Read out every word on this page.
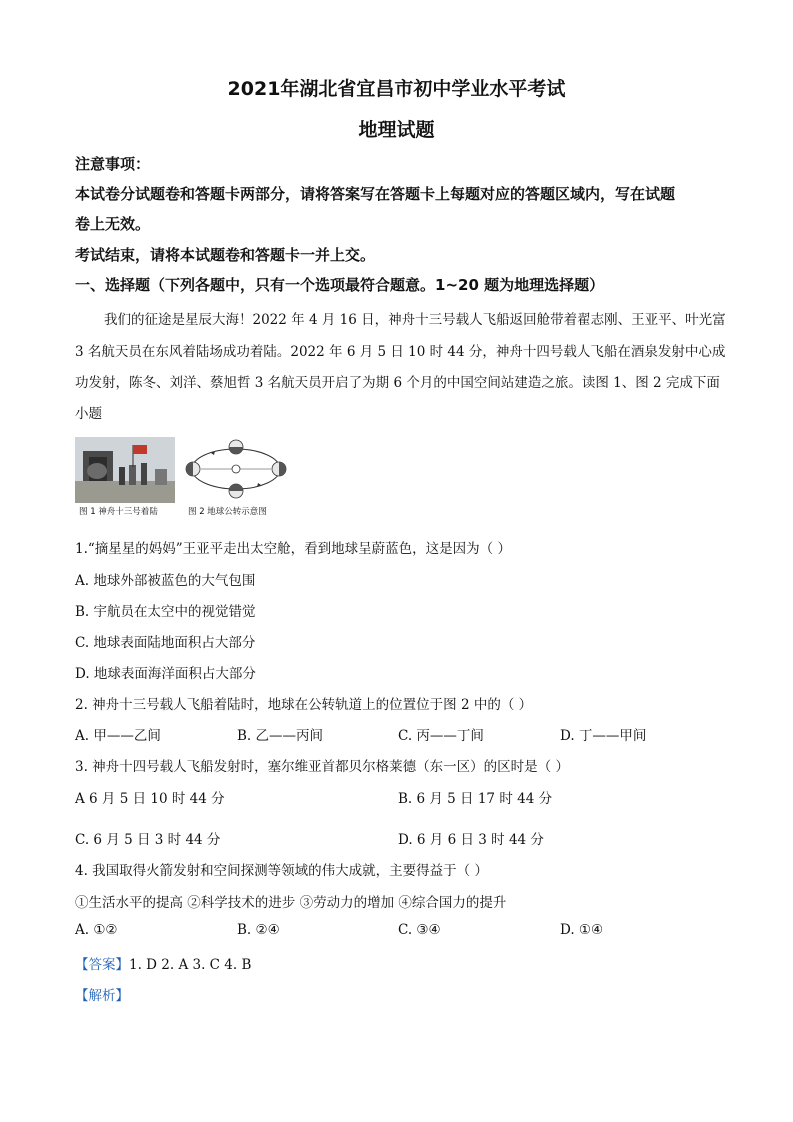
2021年湖北省宜昌市初中学业水平考试
地理试题
注意事项：
本试卷分试题卷和答题卡两部分，请将答案写在答题卡上每题对应的答题区域内，写在试题
卷上无效。
考试结束，请将本试题卷和答题卡一并上交。
一、选择题（下列各题中，只有一个选项最符合题意。1~20 题为地理选择题）
我们的征途是星辰大海！2022 年 4 月 16 日，神舟十三号载人飞船返回舱带着翟志刚、王亚平、叶光富
3 名航天员在东风着陆场成功着陆。2022 年 6 月 5 日 10 时 44 分，神舟十四号载人飞船在酒泉发射中心成
功发射，陈冬、刘洋、蔡旭哲 3 名航天员开启了为期 6 个月的中国空间站建造之旅。读图 1、图 2 完成下面
小题
图 1 神舟十三号着陆	图 2 地球公转示意图
1.“摘星星的妈妈”王亚平走出太空舱，看到地球呈蔚蓝色，这是因为（ ）
A. 地球外部被蓝色的大气包围
B. 宇航员在太空中的视觉错觉
C. 地球表面陆地面积占大部分
D. 地球表面海洋面积占大部分
2. 神舟十三号载人飞船着陆时，地球在公转轨道上的位置位于图 2 中的（ ）
A. 甲——乙间	B. 乙——丙间	C. 丙——丁间	D. 丁——甲间
3. 神舟十四号载人飞船发射时，塞尔维亚首都贝尔格莱德（东一区）的区时是（ ）
A 6 月 5 日 10 时 44 分	B. 6 月 5 日 17 时 44 分
C. 6 月 5 日 3 时 44 分	D. 6 月 6 日 3 时 44 分
4. 我国取得火箭发射和空间探测等领域的伟大成就，主要得益于（ ）
①生活水平的提高 ②科学技术的进步 ③劳动力的增加 ④综合国力的提升
A. ①②	B. ②④	C. ③④	D. ①④
【答案】1. D 2. A 3. C 4. B
【解析】
